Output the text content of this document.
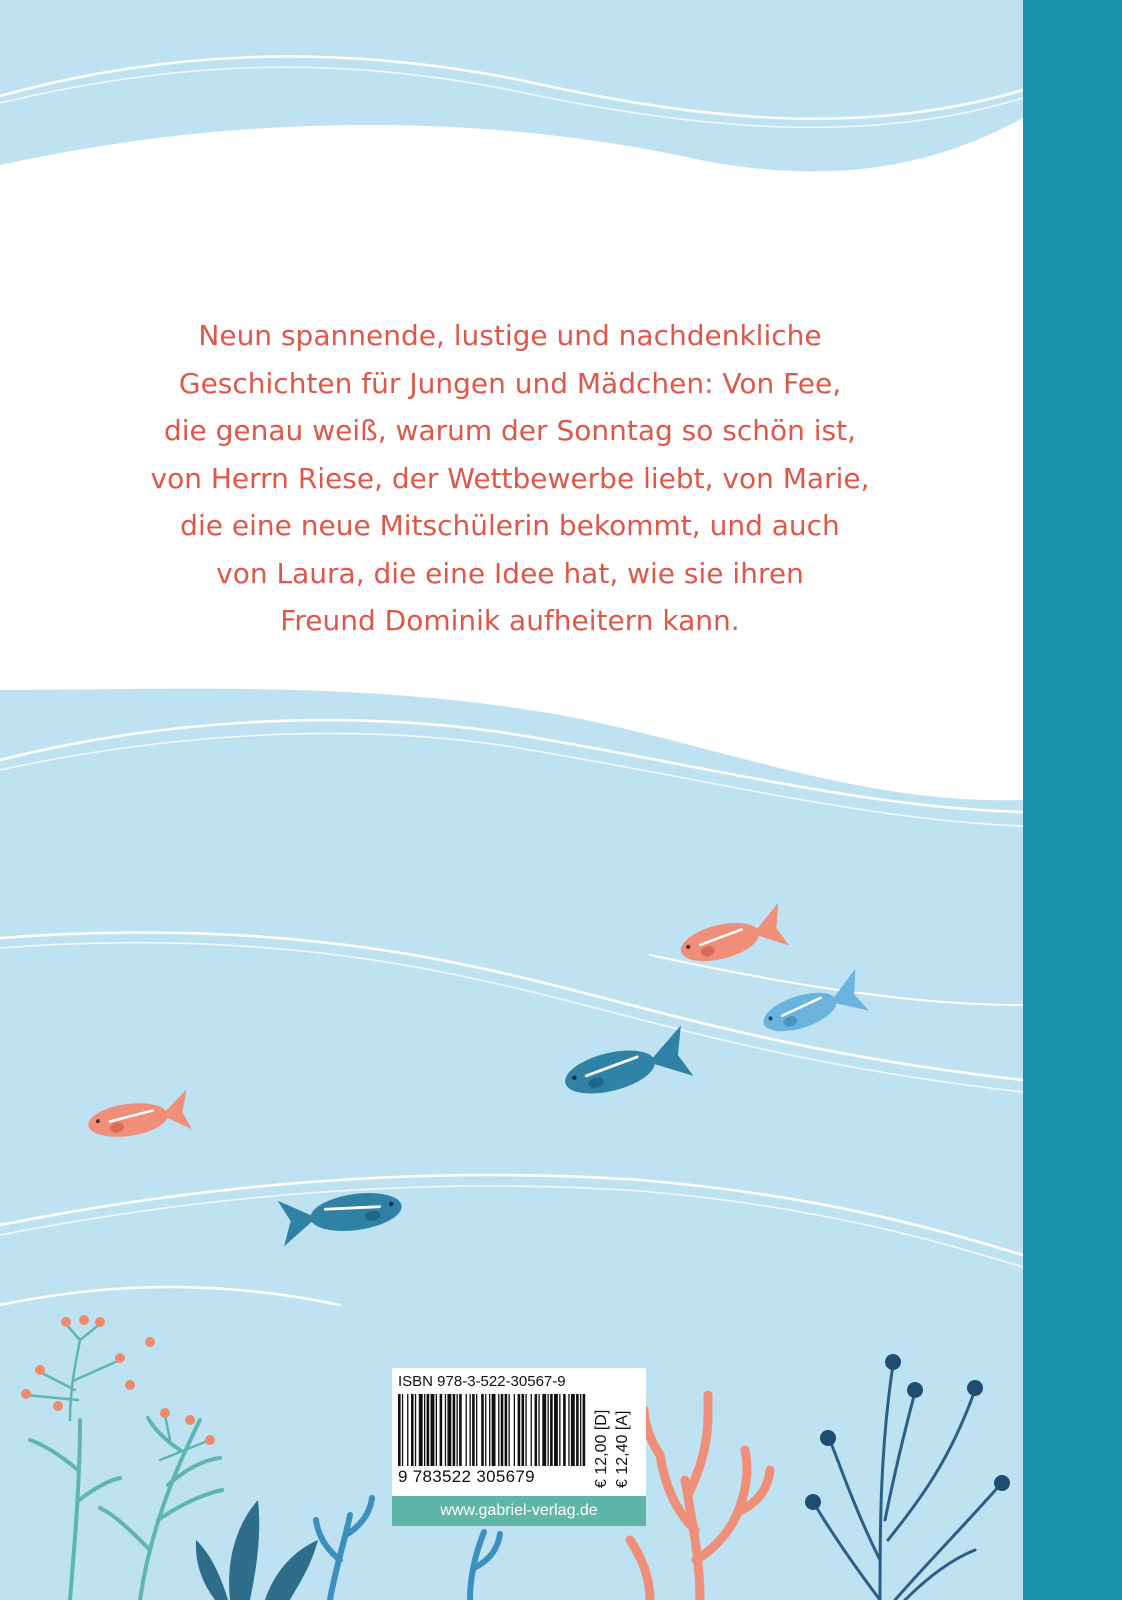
Neun spannende, lustige und nachdenkliche
Geschichten für Jungen und Mädchen: Von Fee,
die genau weiß, warum der Sonntag so schön ist,
von Herrn Riese, der Wettbewerbe liebt, von Marie,
die eine neue Mitschülerin bekommt, und auch
von Laura, die eine Idee hat, wie sie ihren
Freund Dominik aufheitern kann.
ISBN 978-3-522-30567-9
9 783522 305679	€ 12,00 [D] € 12,40 [A]
www.gabriel-verlag.de
